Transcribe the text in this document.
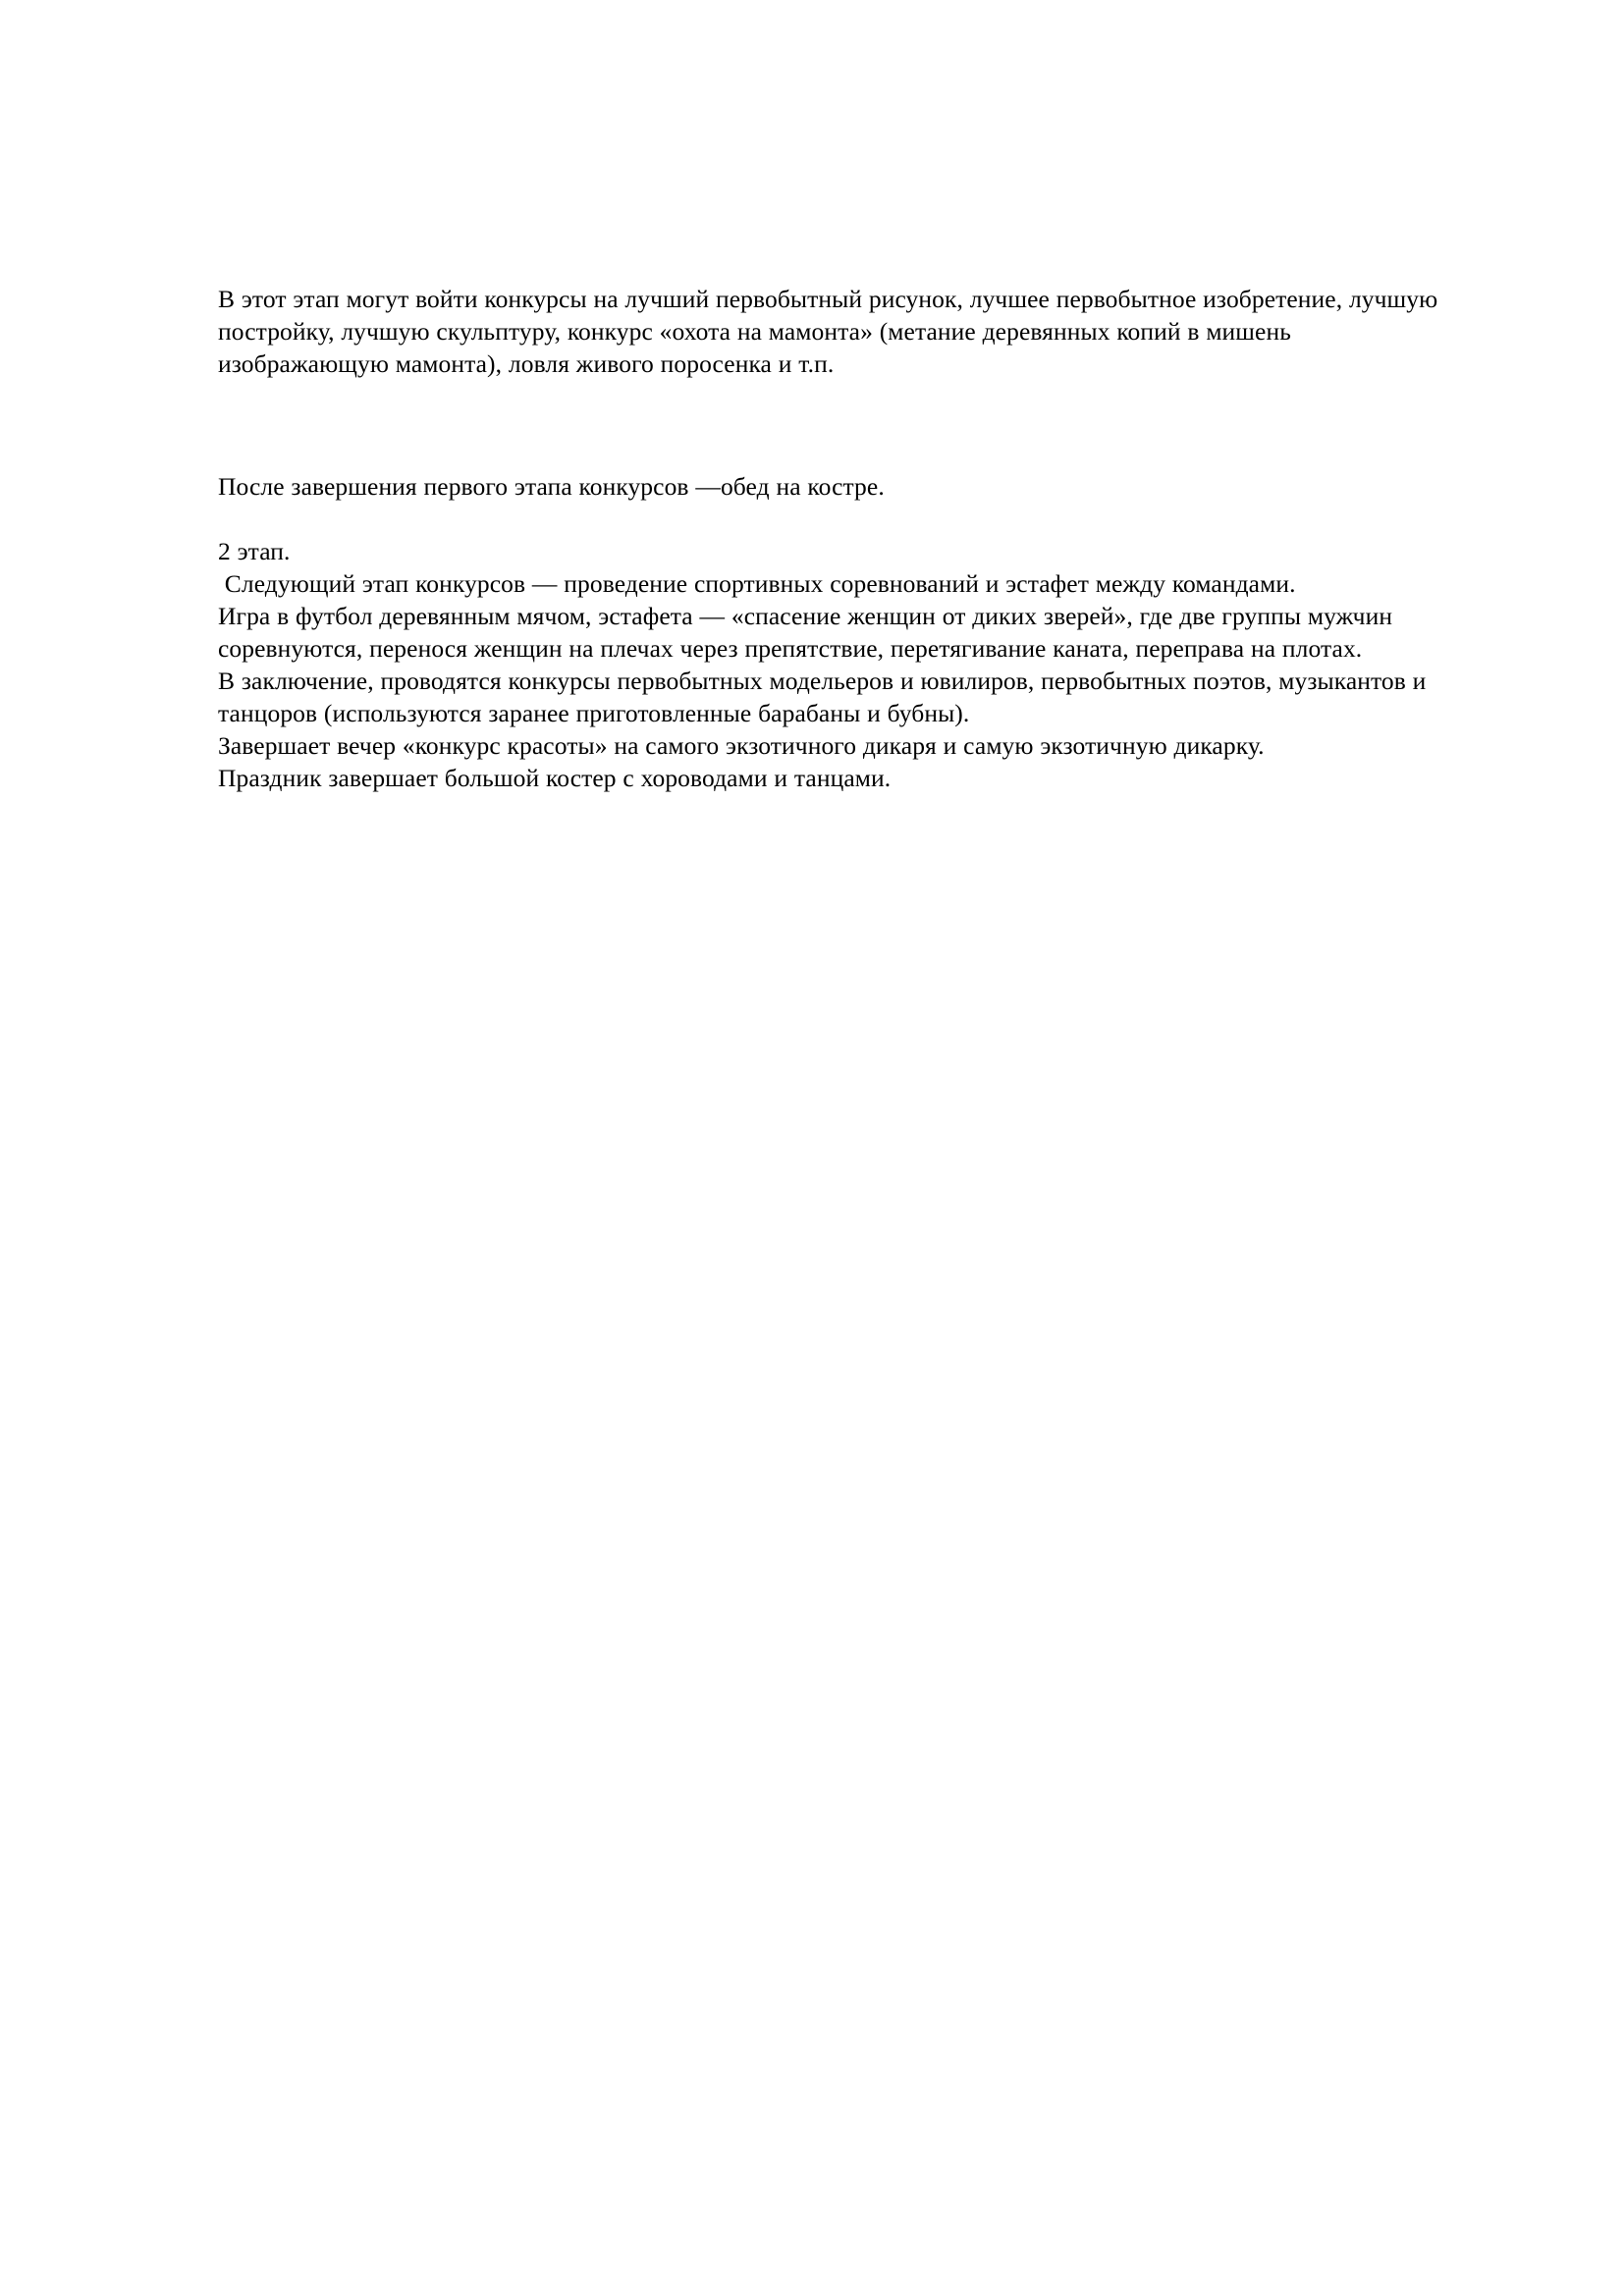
В этот этап могут войти конкурсы на лучший первобытный рисунок, лучшее первобытное изобретение, лучшую постройку, лучшую скульптуру, конкурс «охота на мамонта» (метание деревянных копий в мишень изображающую мамонта), ловля живого поросенка и т.п.

После завершения первого этапа конкурсов —обед на костре.

2 этап.

Следующий этап конкурсов — проведение спортивных соревнований и эстафет между командами.

Игра в футбол деревянным мячом, эстафета — «спасение женщин от диких зверей», где две группы мужчин соревнуются, перенося женщин на плечах через препятствие, перетягивание каната, переправа на плотах.

В заключение, проводятся конкурсы первобытных модельеров и ювилиров, первобытных поэтов, музыкантов и танцоров (используются заранее приготовленные барабаны и бубны).

Завершает вечер «конкурс красоты» на самого экзотичного дикаря и самую экзотичную дикарку.

Праздник завершает большой костер с хороводами и танцами.
